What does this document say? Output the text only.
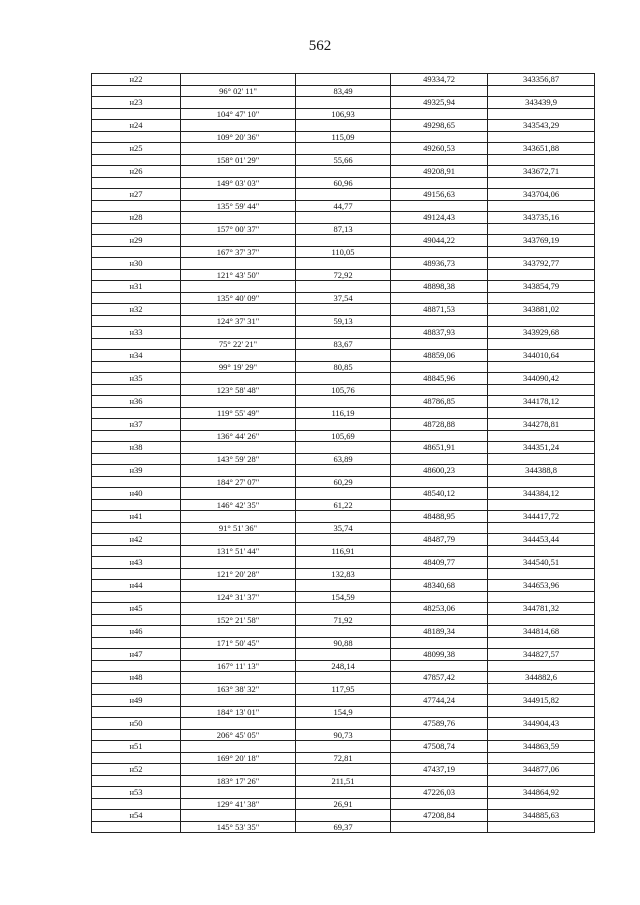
562
н22			49334,72	343356,87
	96° 02' 11"	83,49		
н23			49325,94	343439,9
	104° 47' 10"	106,93		
н24			49298,65	343543,29
	109° 20' 36"	115,09		
н25			49260,53	343651,88
	158° 01' 29"	55,66		
н26			49208,91	343672,71
	149° 03' 03"	60,96		
н27			49156,63	343704,06
	135° 59' 44"	44,77		
н28			49124,43	343735,16
	157° 00' 37"	87,13		
н29			49044,22	343769,19
	167° 37' 37"	110,05		
н30			48936,73	343792,77
	121° 43' 50"	72,92		
н31			48898,38	343854,79
	135° 40' 09"	37,54		
н32			48871,53	343881,02
	124° 37' 31"	59,13		
н33			48837,93	343929,68
	75° 22' 21"	83,67		
н34			48859,06	344010,64
	99° 19' 29"	80,85		
н35			48845,96	344090,42
	123° 58' 48"	105,76		
н36			48786,85	344178,12
	119° 55' 49"	116,19		
н37			48728,88	344278,81
	136° 44' 26"	105,69		
н38			48651,91	344351,24
	143° 59' 28"	63,89		
н39			48600,23	344388,8
	184° 27' 07"	60,29		
н40			48540,12	344384,12
	146° 42' 35"	61,22		
н41			48488,95	344417,72
	91° 51' 36"	35,74		
н42			48487,79	344453,44
	131° 51' 44"	116,91		
н43			48409,77	344540,51
	121° 20' 28"	132,83		
н44			48340,68	344653,96
	124° 31' 37"	154,59		
н45			48253,06	344781,32
	152° 21' 58"	71,92		
н46			48189,34	344814,68
	171° 50' 45"	90,88		
н47			48099,38	344827,57
	167° 11' 13"	248,14		
н48			47857,42	344882,6
	163° 38' 32"	117,95		
н49			47744,24	344915,82
	184° 13' 01"	154,9		
н50			47589,76	344904,43
	206° 45' 05"	90,73		
н51			47508,74	344863,59
	169° 20' 18"	72,81		
н52			47437,19	344877,06
	183° 17' 26"	211,51		
н53			47226,03	344864,92
	129° 41' 38"	26,91		
н54			47208,84	344885,63
	145° 53' 35"	69,37		
